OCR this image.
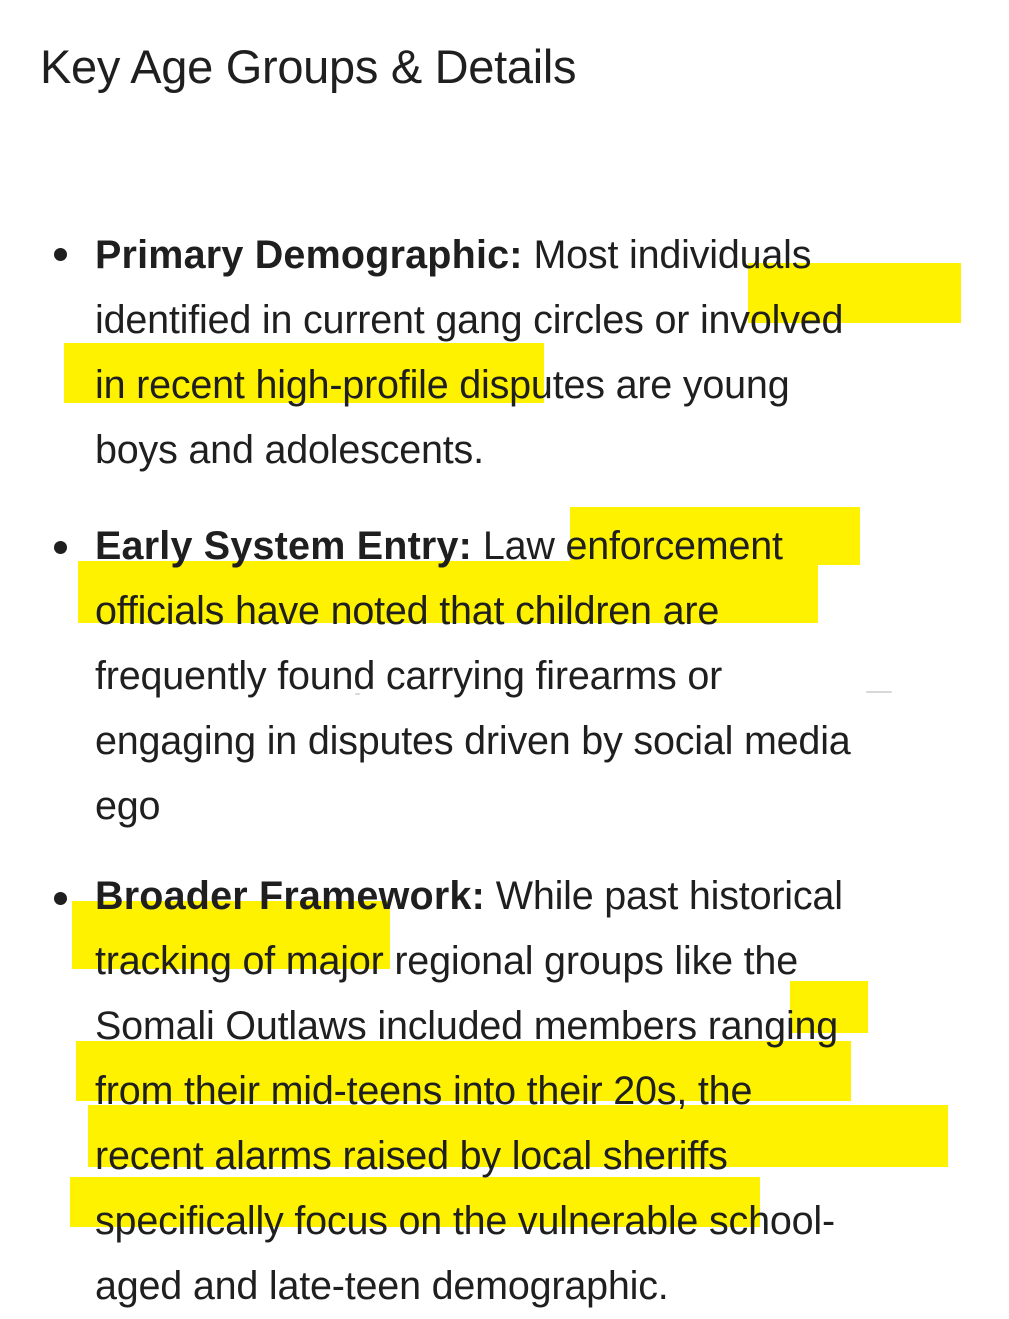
Key Age Groups & Details
Primary Demographic: Most individuals
identified in current gang circles or involved
in recent high-profile disputes are young
boys and adolescents.
Early System Entry: Law enforcement
officials have noted that children are
frequently found carrying firearms or
engaging in disputes driven by social media
ego
Broader Framework: While past historical
tracking of major regional groups like the
Somali Outlaws included members ranging
from their mid-teens into their 20s, the
recent alarms raised by local sheriffs
specifically focus on the vulnerable school-
aged and late-teen demographic.
